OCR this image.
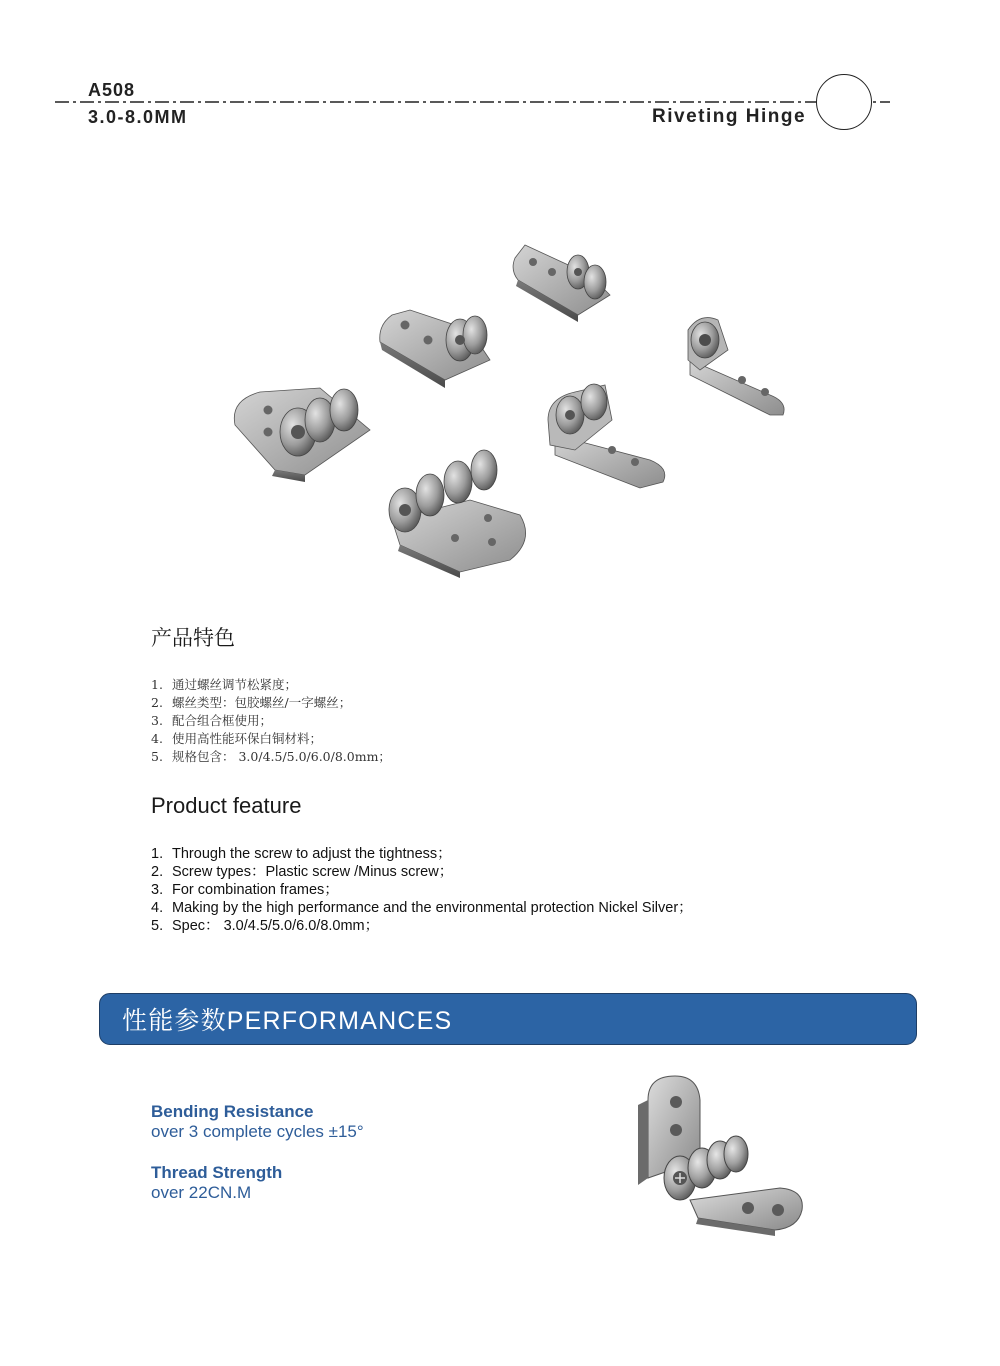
A508
3.0-8.0MM	Riveting Hinge
产品特色
1. 通过螺丝调节松紧度；
2. 螺丝类型：包胶螺丝/一字螺丝；
3. 配合组合框使用；
4. 使用高性能环保白铜材料；
5. 规格包含： 3.0/4.5/5.0/6.0/8.0mm；
Product feature
1. Through the screw to adjust the tightness；
2. Screw types：Plastic screw /Minus screw；
3. For combination frames；
4. Making by the high performance and the environmental protection Nickel Silver；
5. Spec： 3.0/4.5/5.0/6.0/8.0mm；
性能参数PERFORMANCES
Bending Resistance
over 3 complete cycles ±15°
Thread Strength
over 22CN.M
